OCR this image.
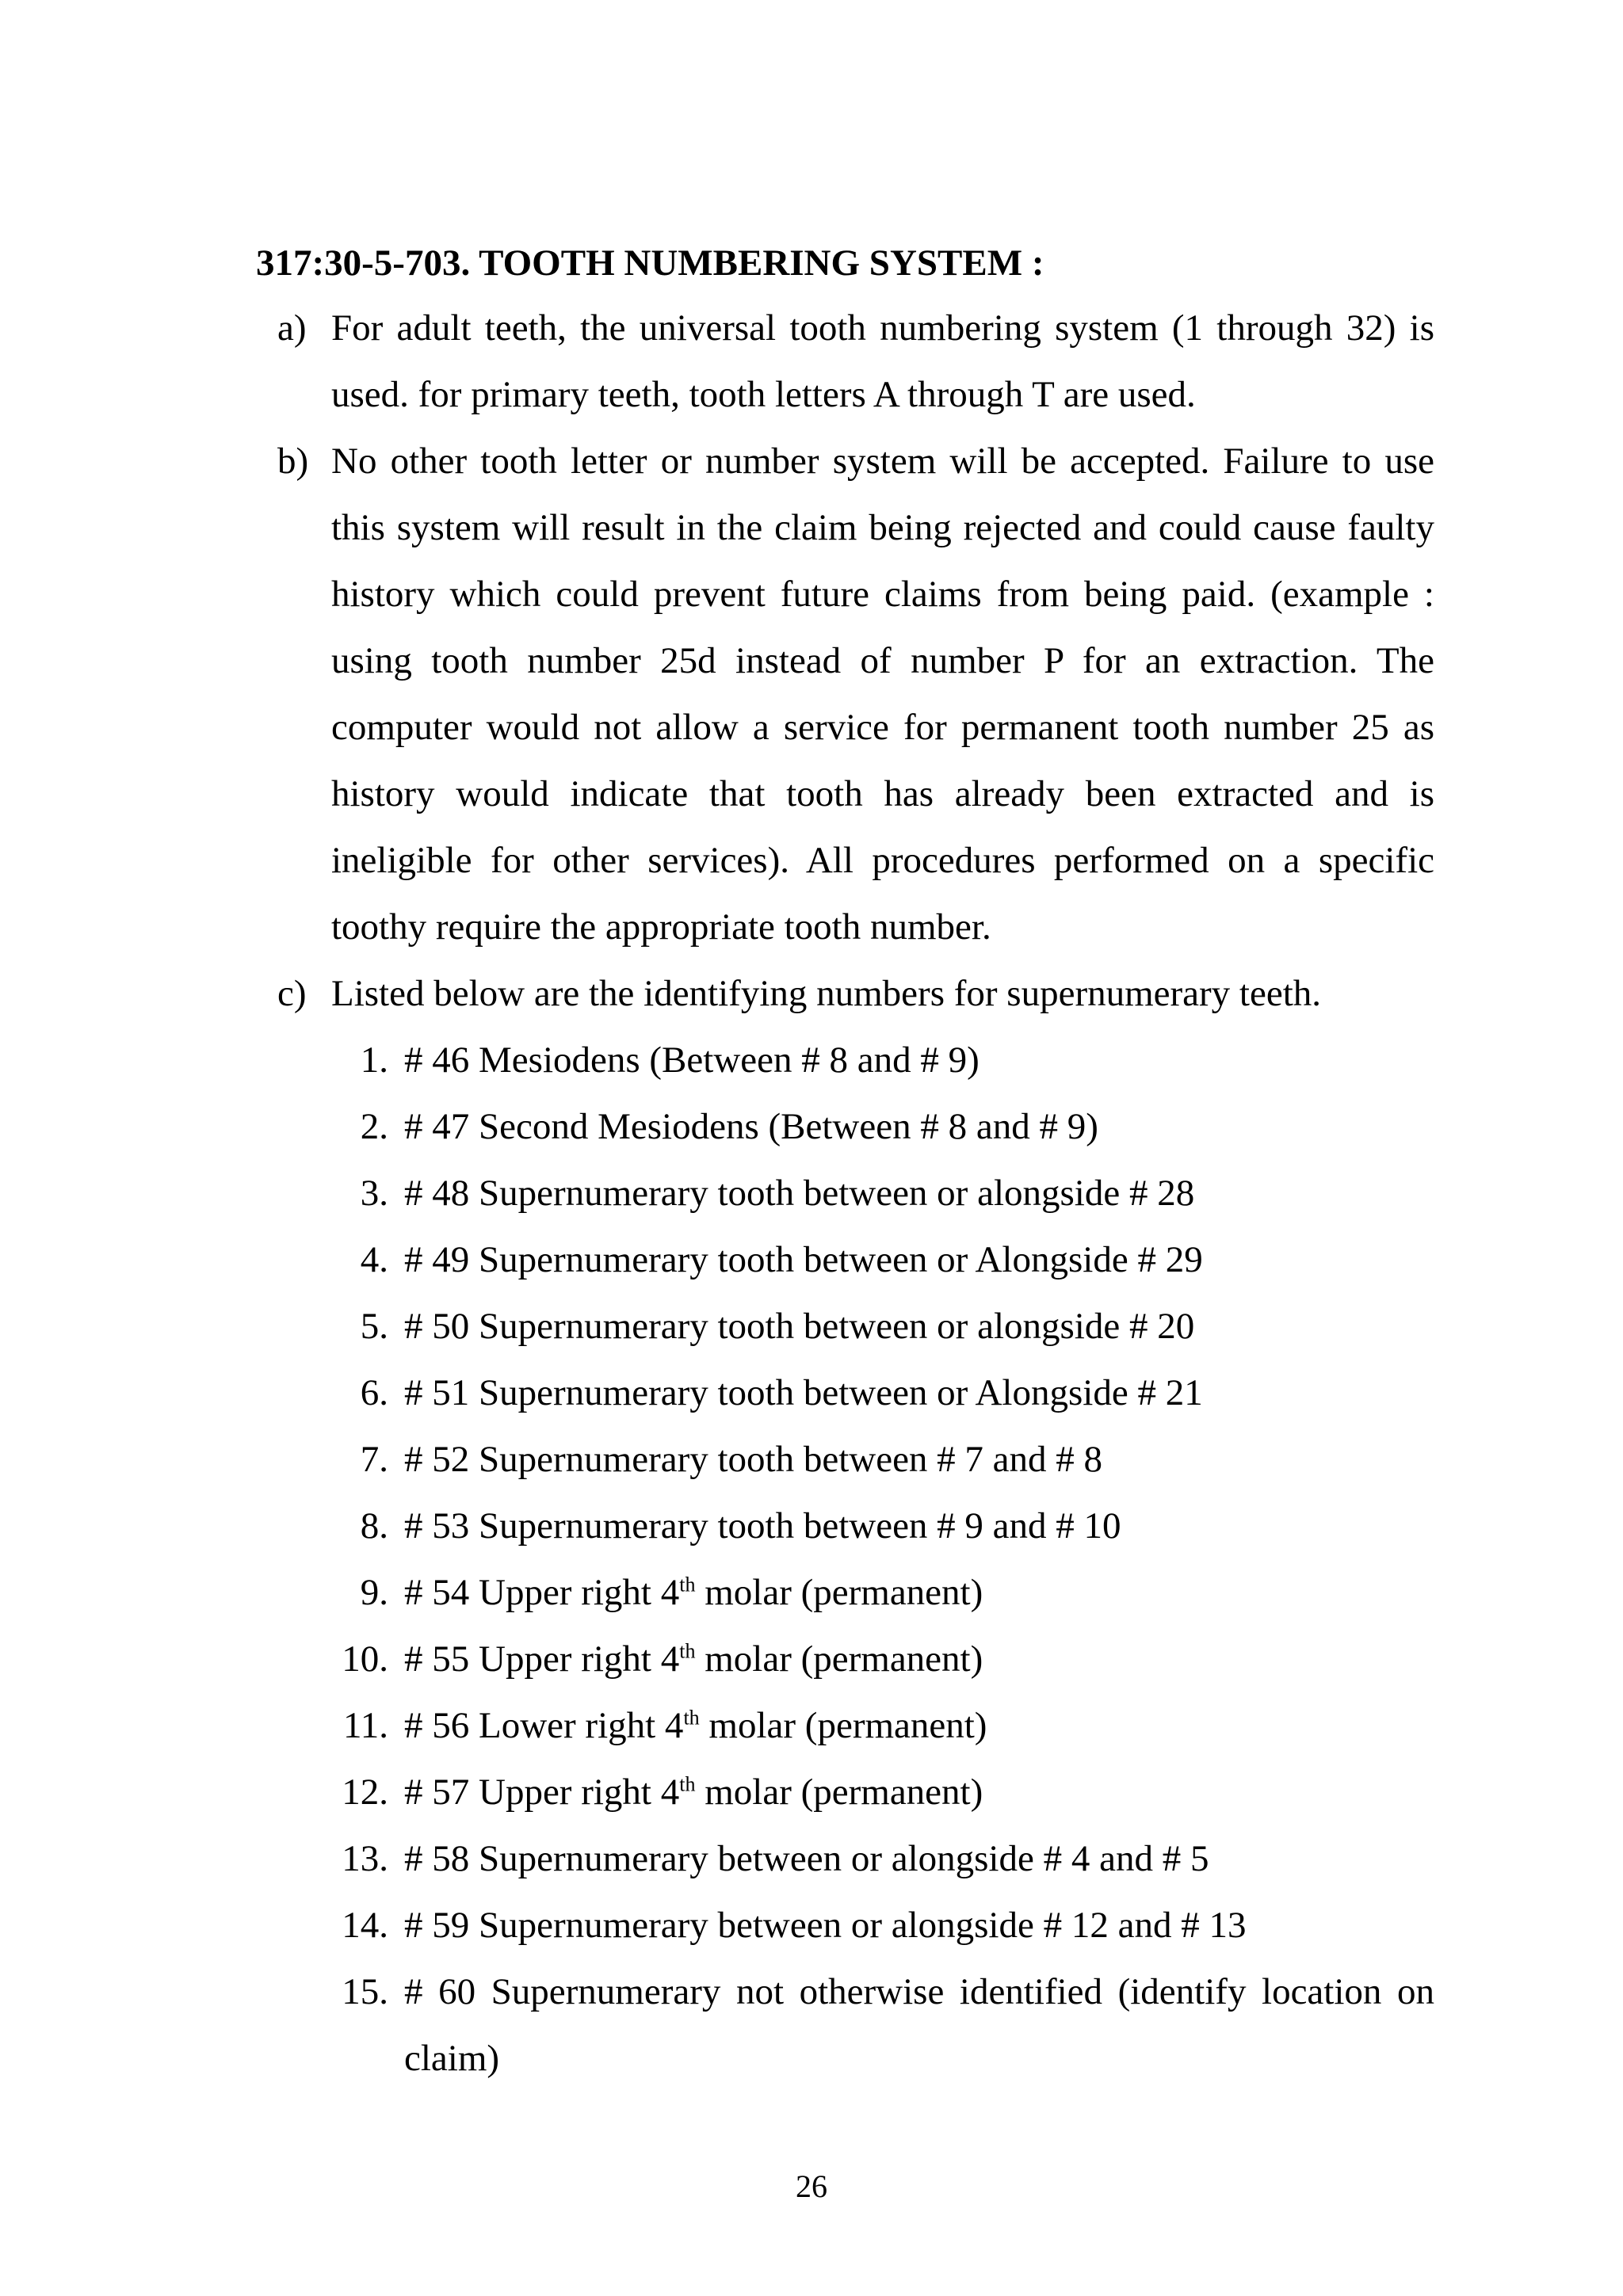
317:30-5-703. TOOTH NUMBERING SYSTEM :
a) For adult teeth, the universal tooth numbering system (1 through 32) is used. for primary teeth, tooth letters A through T are used.
b) No other tooth letter or number system will be accepted. Failure to use this system will result in the claim being rejected and could cause faulty history which could prevent future claims from being paid. (example : using tooth number 25d instead of number P for an extraction. The computer would not allow a service for permanent tooth number 25 as history would indicate that tooth has already been extracted and is ineligible for other services). All procedures performed on a specific toothy require the appropriate tooth number.
c) Listed below are the identifying numbers for supernumerary teeth.
1. # 46 Mesiodens (Between # 8 and # 9)
2. # 47 Second Mesiodens (Between # 8 and # 9)
3. # 48 Supernumerary tooth between or alongside # 28
4. # 49 Supernumerary tooth between or Alongside # 29
5. # 50 Supernumerary tooth between or alongside # 20
6. # 51 Supernumerary tooth between or Alongside # 21
7. # 52 Supernumerary tooth between # 7 and # 8
8. # 53 Supernumerary tooth between # 9 and # 10
9. # 54 Upper right 4th molar (permanent)
10. # 55 Upper right 4th molar (permanent)
11. # 56 Lower right 4th molar (permanent)
12. # 57 Upper right 4th molar (permanent)
13. # 58 Supernumerary between or alongside # 4 and # 5
14. # 59 Supernumerary between or alongside # 12 and # 13
15. # 60 Supernumerary not otherwise identified (identify location on claim)
26
